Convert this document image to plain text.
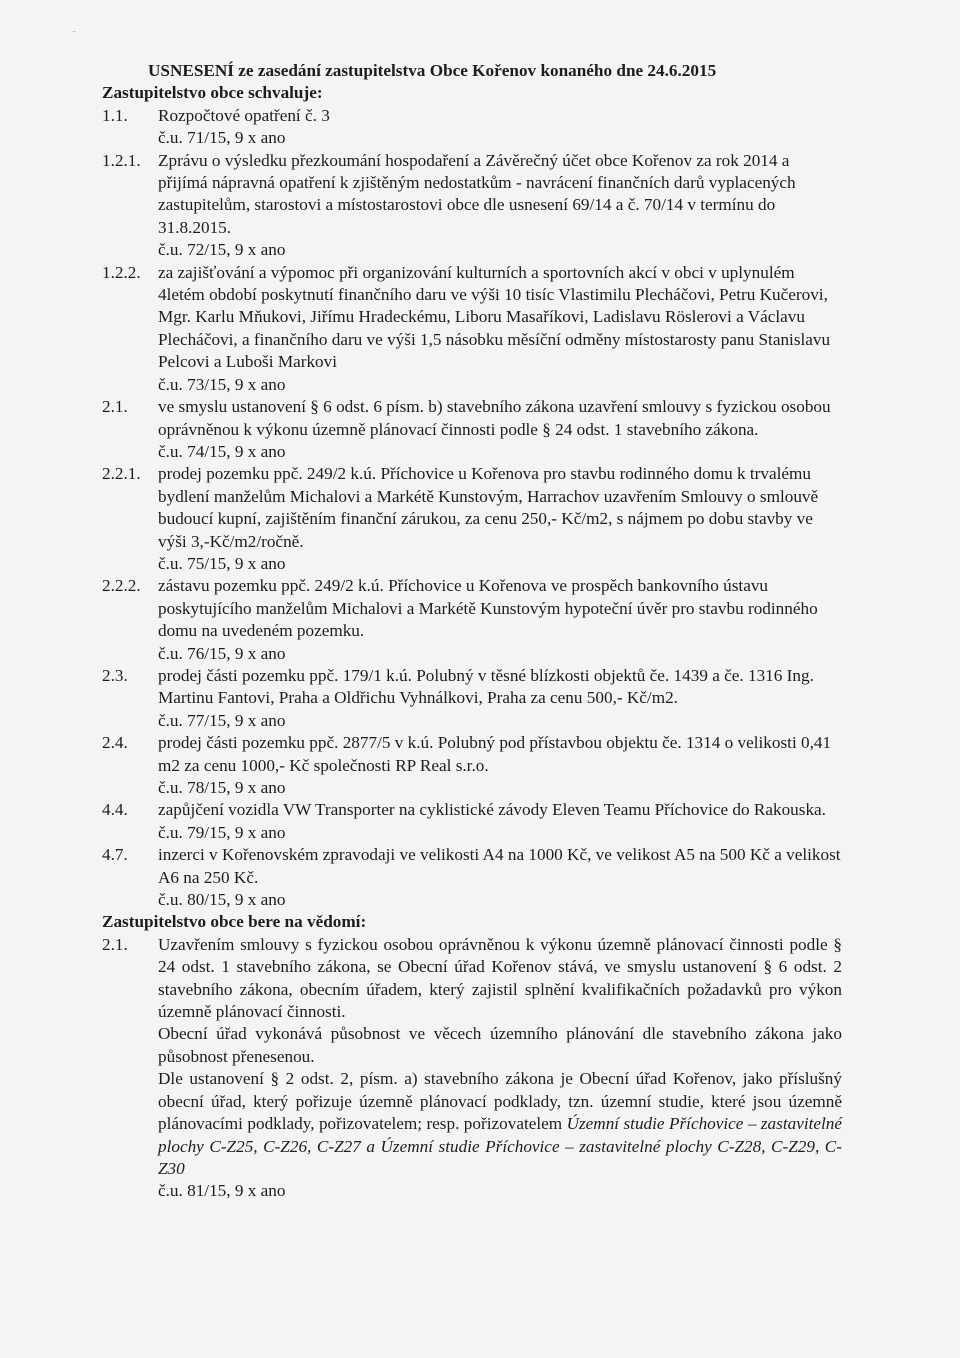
-
USNESENÍ ze zasedání zastupitelstva Obce Kořenov konaného dne 24.6.2015
Zastupitelstvo obce schvaluje:
1.1.	Rozpočtové opatření č. 3

č.u. 71/15, 9 x ano

1.2.1.	Zprávu o výsledku přezkoumání hospodaření a Závěrečný účet obce Kořenov za rok 2014 a přijímá nápravná opatření k zjištěným nedostatkům - navrácení finančních darů vyplacených zastupitelům, starostovi a místostarostovi obce dle usnesení 69/14 a č. 70/14 v termínu do 31.8.2015.

č.u. 72/15, 9 x ano

1.2.2.	za zajišťování a výpomoc při organizování kulturních a sportovních akcí v obci v uplynulém 4letém období poskytnutí finančního daru ve výši 10 tisíc Vlastimilu Plecháčovi, Petru Kučerovi, Mgr. Karlu Mňukovi, Jiřímu Hradeckému, Liboru Masaříkovi, Ladislavu Röslerovi a Václavu Plecháčovi, a finančního daru ve výši 1,5 násobku měsíční odměny místostarosty panu Stanislavu Pelcovi a Luboši Markovi

č.u. 73/15, 9 x ano

2.1.	ve smyslu ustanovení § 6 odst. 6 písm. b) stavebního zákona uzavření smlouvy s fyzickou osobou oprávněnou k výkonu územně plánovací činnosti podle § 24 odst. 1 stavebního zákona.

č.u. 74/15, 9 x ano

2.2.1.	prodej pozemku ppč. 249/2 k.ú. Příchovice u Kořenova pro stavbu rodinného domu k trvalému bydlení manželům Michalovi a Markétě Kunstovým, Harrachov uzavřením Smlouvy o smlouvě budoucí kupní, zajištěním finanční zárukou, za cenu 250,- Kč/m2, s nájmem po dobu stavby ve výši 3,-Kč/m2/ročně.

č.u. 75/15, 9 x ano

2.2.2.	zástavu pozemku ppč. 249/2 k.ú. Příchovice u Kořenova ve prospěch bankovního ústavu poskytujícího manželům Michalovi a Markétě Kunstovým hypoteční úvěr pro stavbu rodinného domu na uvedeném pozemku.

č.u. 76/15, 9 x ano

2.3.	prodej části pozemku ppč. 179/1 k.ú. Polubný v těsné blízkosti objektů če. 1439 a če. 1316 Ing. Martinu Fantovi, Praha a Oldřichu Vyhnálkovi, Praha za cenu 500,- Kč/m2.

č.u. 77/15, 9 x ano

2.4.	prodej části pozemku ppč. 2877/5 v k.ú. Polubný pod přístavbou objektu če. 1314 o velikosti 0,41 m2 za cenu 1000,- Kč společnosti RP Real s.r.o.

č.u. 78/15, 9 x ano

4.4.	zapůjčení vozidla VW Transporter na cyklistické závody Eleven Teamu Příchovice do Rakouska.

č.u. 79/15, 9 x ano

4.7.	inzerci v Kořenovském zpravodaji ve velikosti A4 na 1000 Kč, ve velikost A5 na 500 Kč a velikost A6 na 250 Kč.

č.u. 80/15, 9 x ano

Zastupitelstvo obce bere na vědomí:
2.1.	Uzavřením smlouvy s fyzickou osobou oprávněnou k výkonu územně plánovací činnosti podle § 24 odst. 1 stavebního zákona, se Obecní úřad Kořenov stává, ve smyslu ustanovení § 6 odst. 2 stavebního zákona, obecním úřadem, který zajistil splnění kvalifikačních požadavků pro výkon územně plánovací činnosti.

Obecní úřad vykonává působnost ve věcech územního plánování dle stavebního zákona jako působnost přenesenou.

Dle ustanovení § 2 odst. 2, písm. a) stavebního zákona je Obecní úřad Kořenov, jako příslušný obecní úřad, který pořizuje územně plánovací podklady, tzn. územní studie, které jsou územně plánovacími podklady, pořizovatelem; resp. pořizovatelem Územní studie Příchovice – zastavitelné plochy C-Z25, C-Z26, C-Z27 a Územní studie Příchovice – zastavitelné plochy C-Z28, C-Z29, C-Z30

č.u. 81/15, 9 x ano
